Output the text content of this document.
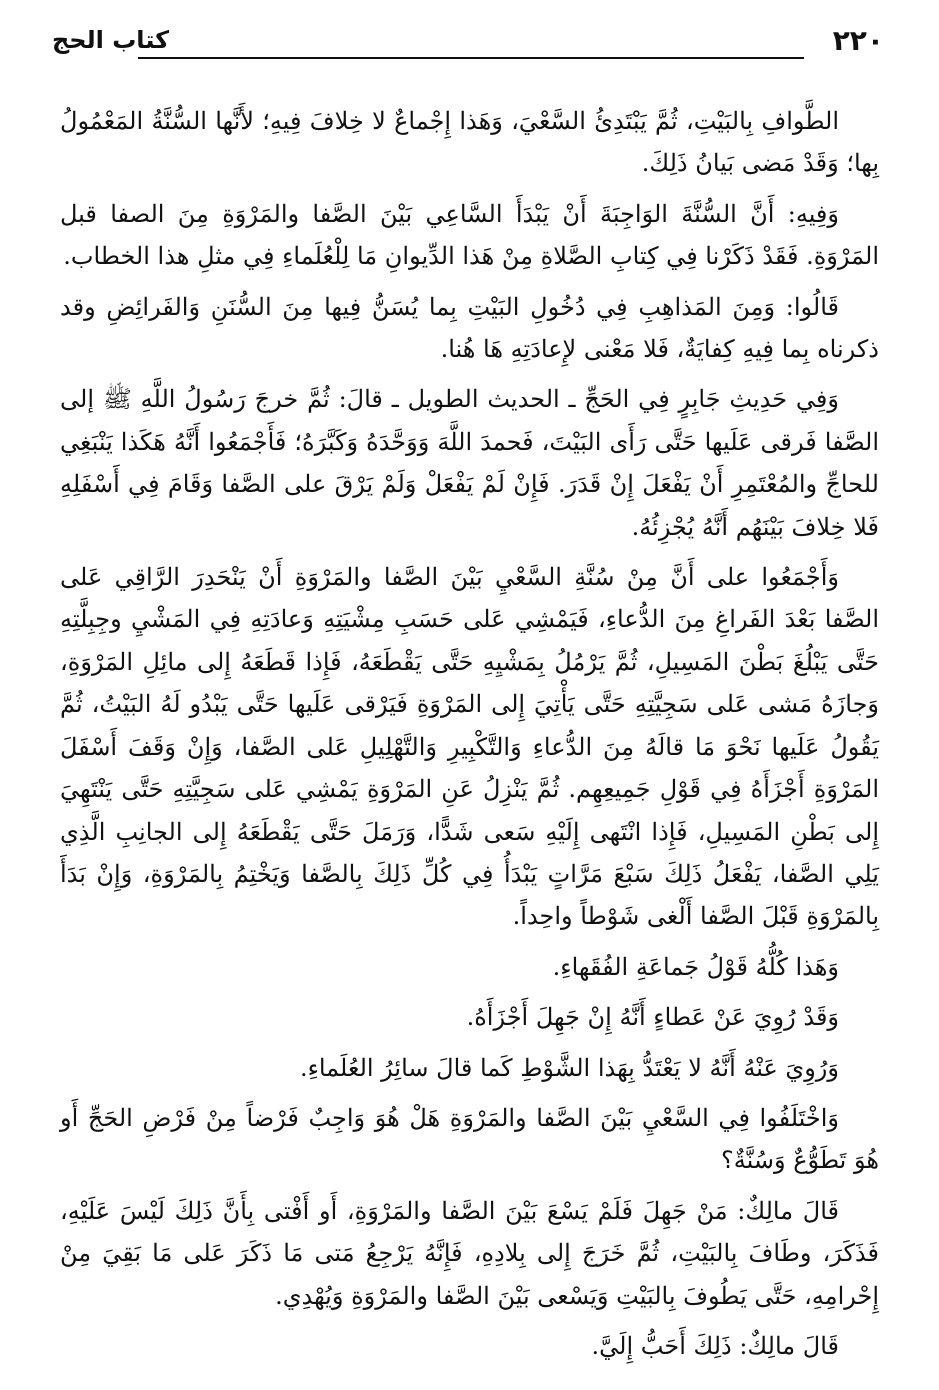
٢٢٠
كتاب الحج

الطَّوافِ بِالبَيْتِ، ثُمَّ يَبْتَدِئُ السَّعْيَ، وَهَذا إِجْماعٌ لا خِلافَ فِيهِ؛ لأَنَّها السُّنَّةُ المَعْمُولُ بِها؛ وَقَدْ مَضى بَيانُ ذَلِكَ.

وَفِيهِ: أَنَّ السُّنَّةَ الوَاجِبَةَ أَنْ يَبْدَأَ السَّاعِي بَيْنَ الصَّفا والمَرْوَةِ مِنَ الصفا قبل المَرْوَةِ. فَقَدْ ذَكَرْنا فِي كِتابِ الصَّلاةِ مِنْ هَذا الدِّيوانِ مَا لِلْعُلَماءِ فِي مثلِ هذا الخطاب.

قَالُوا: وَمِنَ المَذاهِبِ فِي دُخُولِ البَيْتِ بِما يُسَنُّ فِيها مِنَ السُّنَنِ وَالفَرائِضِ وقد ذكرناه بِما فِيهِ كِفايَةٌ، فَلا مَعْنى لإِعادَتِهِ هَا هُنا.

وَفِي حَدِيثِ جَابِرٍ فِي الحَجِّ ـ الحديث الطويل ـ قالَ: ثُمَّ خرجَ رَسُولُ اللَّهِ ﷺ إلى الصَّفا فَرقى عَلَيها حَتَّى رَأَى البَيْتَ، فَحمدَ اللَّهَ وَوَحَّدَهُ وَكَبَّرَهُ؛ فَأَجْمَعُوا أَنَّهُ هَكَذا يَنْبَغِي للحاجِّ والمُعْتَمِرِ أَنْ يَفْعَلَ إِنْ قَدَرَ. فَإِنْ لَمْ يَفْعَلْ وَلَمْ يَرْقَ على الصَّفا وَقَامَ فِي أَسْفَلِهِ فَلا خِلافَ بَيْنَهُم أَنَّهُ يُجْزِئُهُ.

وَأَجْمَعُوا على أَنَّ مِنْ سُنَّةِ السَّعْيِ بَيْنَ الصَّفا والمَرْوَةِ أَنْ يَنْحَدِرَ الرَّاقِي عَلى الصَّفا بَعْدَ الفَراغِ مِنَ الدُّعاءِ، فَيَمْشِي عَلى حَسَبِ مِشْيَتِهِ وَعادَتِهِ فِي المَشْيِ وجِبِلَّتِهِ حَتَّى يَبْلُغَ بَطْنَ المَسِيلِ، ثُمَّ يَرْمُلُ بِمَشْيِهِ حَتَّى يَقْطَعَهُ، فَإِذا قَطَعَهُ إِلى مائِلِ المَرْوَةِ، وَجازَهُ مَشى عَلى سَجِيَّتِهِ حَتَّى يَأْتِيَ إِلى المَرْوَةِ فَيَرْقى عَلَيها حَتَّى يَبْدُو لَهُ البَيْتُ، ثُمَّ يَقُولُ عَلَيها نَحْوَ مَا قالَهُ مِنَ الدُّعاءِ وَالتَّكْبِيرِ وَالتَّهْلِيلِ عَلى الصَّفا، وَإِنْ وَقَفَ أَسْفَلَ المَرْوَةِ أَجْزَأَهُ فِي قَوْلِ جَمِيعِهِم. ثُمَّ يَنْزِلُ عَنِ المَرْوَةِ يَمْشِي عَلى سَجِيَّتِهِ حَتَّى يَنْتَهِيَ إِلى بَطْنِ المَسِيلِ، فَإِذا انْتَهى إِلَيْهِ سَعى شَدًّا، وَرَمَلَ حَتَّى يَقْطَعَهُ إِلى الجانِبِ الَّذِي يَلِي الصَّفا، يَفْعَلُ ذَلِكَ سَبْعَ مَرَّاتٍ يَبْدَأُ فِي كُلِّ ذَلِكَ بِالصَّفا وَيَخْتِمُ بِالمَرْوَةِ، وَإِنْ بَدَأَ بِالمَرْوَةِ قَبْلَ الصَّفا أَلْغى شَوْطاً واحِداً.

وَهَذا كُلُّهُ قَوْلُ جَماعَةِ الفُقَهاءِ.

وَقَدْ رُوِيَ عَنْ عَطاءٍ أَنَّهُ إِنْ جَهِلَ أَجْزَأَهُ.

وَرُوِيَ عَنْهُ أَنَّهُ لا يَعْتَدُّ بِهَذا الشَّوْطِ كَما قالَ سائِرُ العُلَماءِ.

وَاخْتَلَفُوا فِي السَّعْيِ بَيْنَ الصَّفا والمَرْوَةِ هَلْ هُوَ وَاجِبٌ فَرْضاً مِنْ فَرْضِ الحَجِّ أَو هُوَ تَطَوُّعٌ وَسُنَّةٌ؟

قَالَ مالِكٌ: مَنْ جَهِلَ فَلَمْ يَسْعَ بَيْنَ الصَّفا والمَرْوَةِ، أَو أَفْتى بِأَنَّ ذَلِكَ لَيْسَ عَلَيْهِ، فَذَكَرَ، وطَافَ بِالبَيْتِ، ثُمَّ خَرَجَ إِلى بِلادِهِ، فَإِنَّهُ يَرْجِعُ مَتى مَا ذَكَرَ عَلى مَا بَقِيَ مِنْ إِحْرامِهِ، حَتَّى يَطُوفَ بِالبَيْتِ وَيَسْعى بَيْنَ الصَّفا والمَرْوَةِ وَيُهْدِي.

قَالَ مالِكٌ: ذَلِكَ أَحَبُّ إِلَيَّ.
